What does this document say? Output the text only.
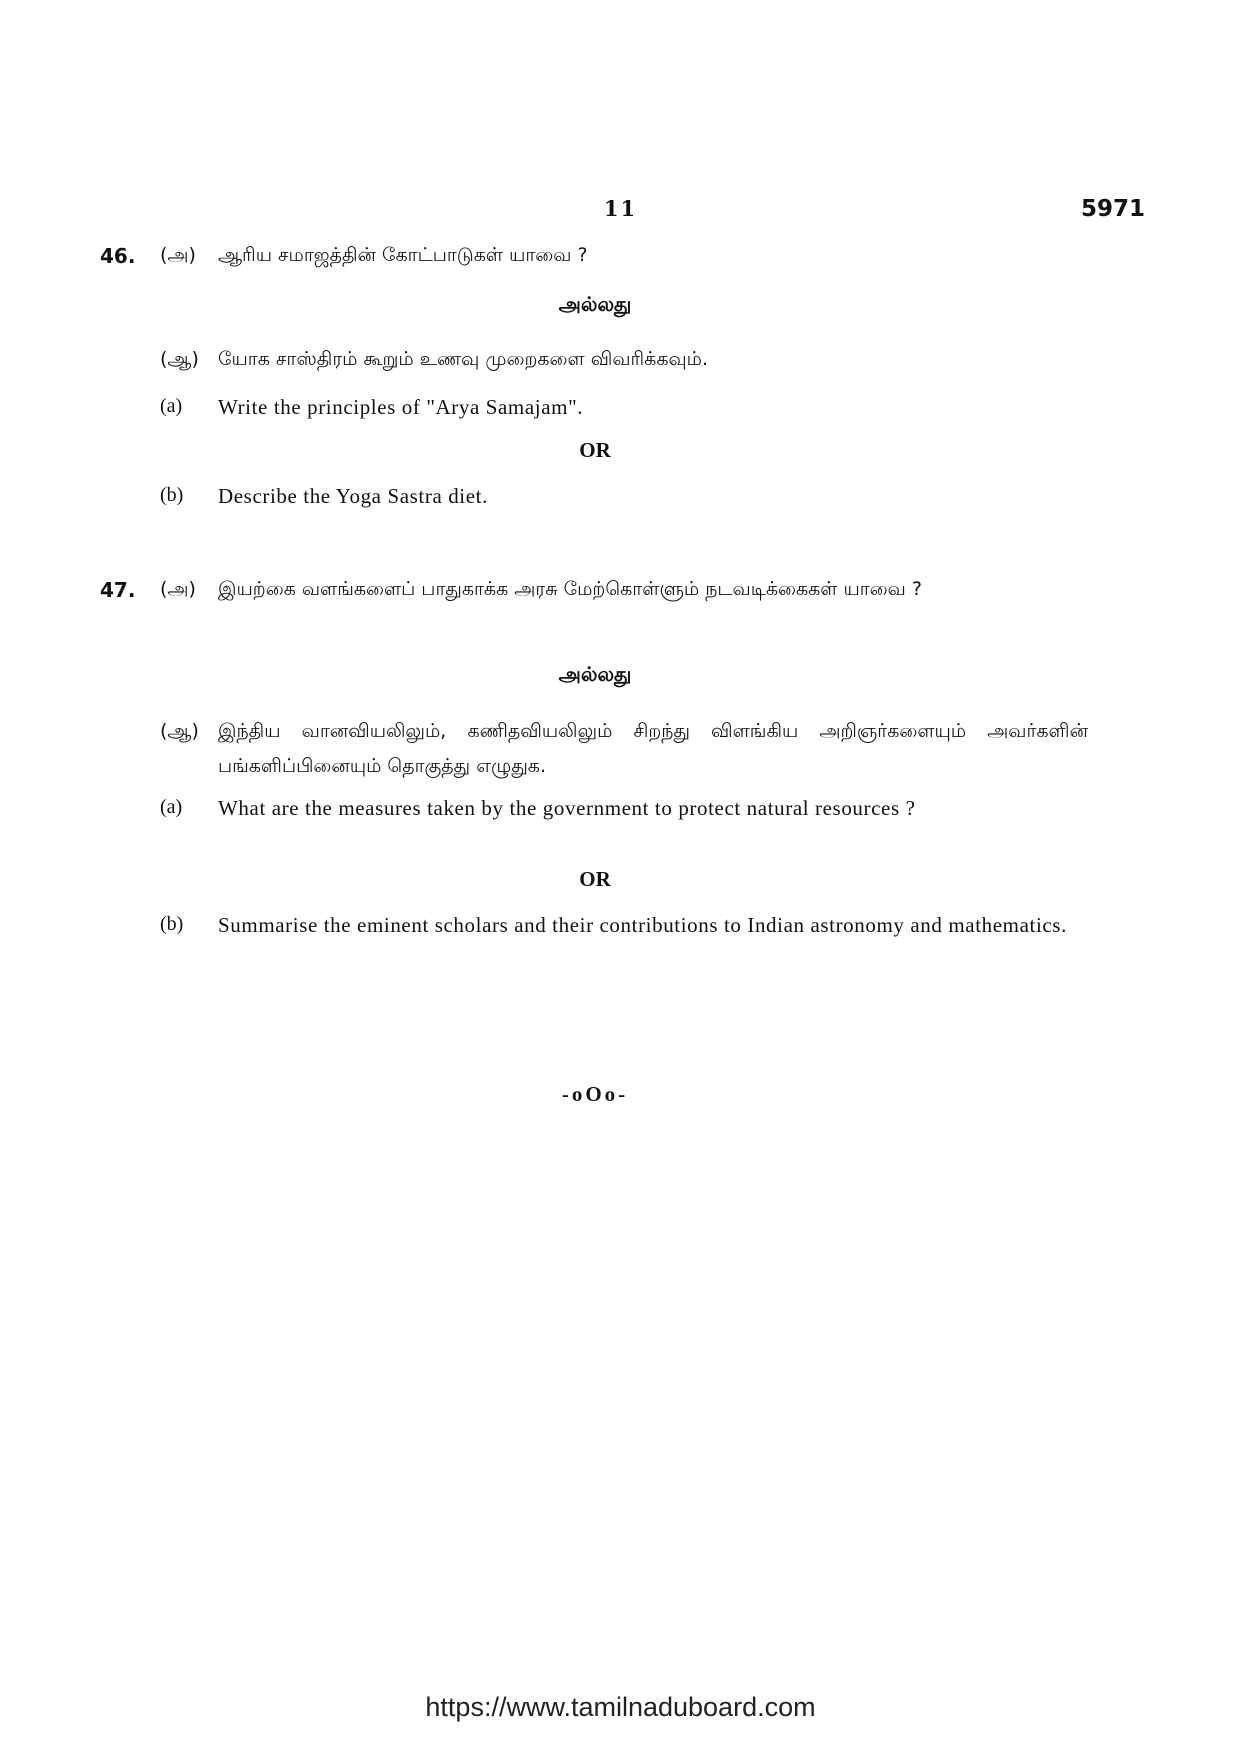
11	5971
46. (அ) ஆரிய சமாஜத்தின் கோட்பாடுகள் யாவை ?
அல்லது
(ஆ) யோக சாஸ்திரம் கூறும் உணவு முறைகளை விவரிக்கவும்.
(a) Write the principles of "Arya Samajam".
OR
(b) Describe the Yoga Sastra diet.
47. (அ) இயற்கை வளங்களைப் பாதுகாக்க அரசு மேற்கொள்ளும் நடவடிக்கைகள் யாவை ?
அல்லது
(ஆ) இந்திய வானவியலிலும், கணிதவியலிலும் சிறந்து விளங்கிய அறிஞர்களையும் அவர்களின் பங்களிப்பினையும் தொகுத்து எழுதுக.
(a) What are the measures taken by the government to protect natural resources ?
OR
(b) Summarise the eminent scholars and their contributions to Indian astronomy and mathematics.
-oOo-
https://www.tamilnaduboard.com
